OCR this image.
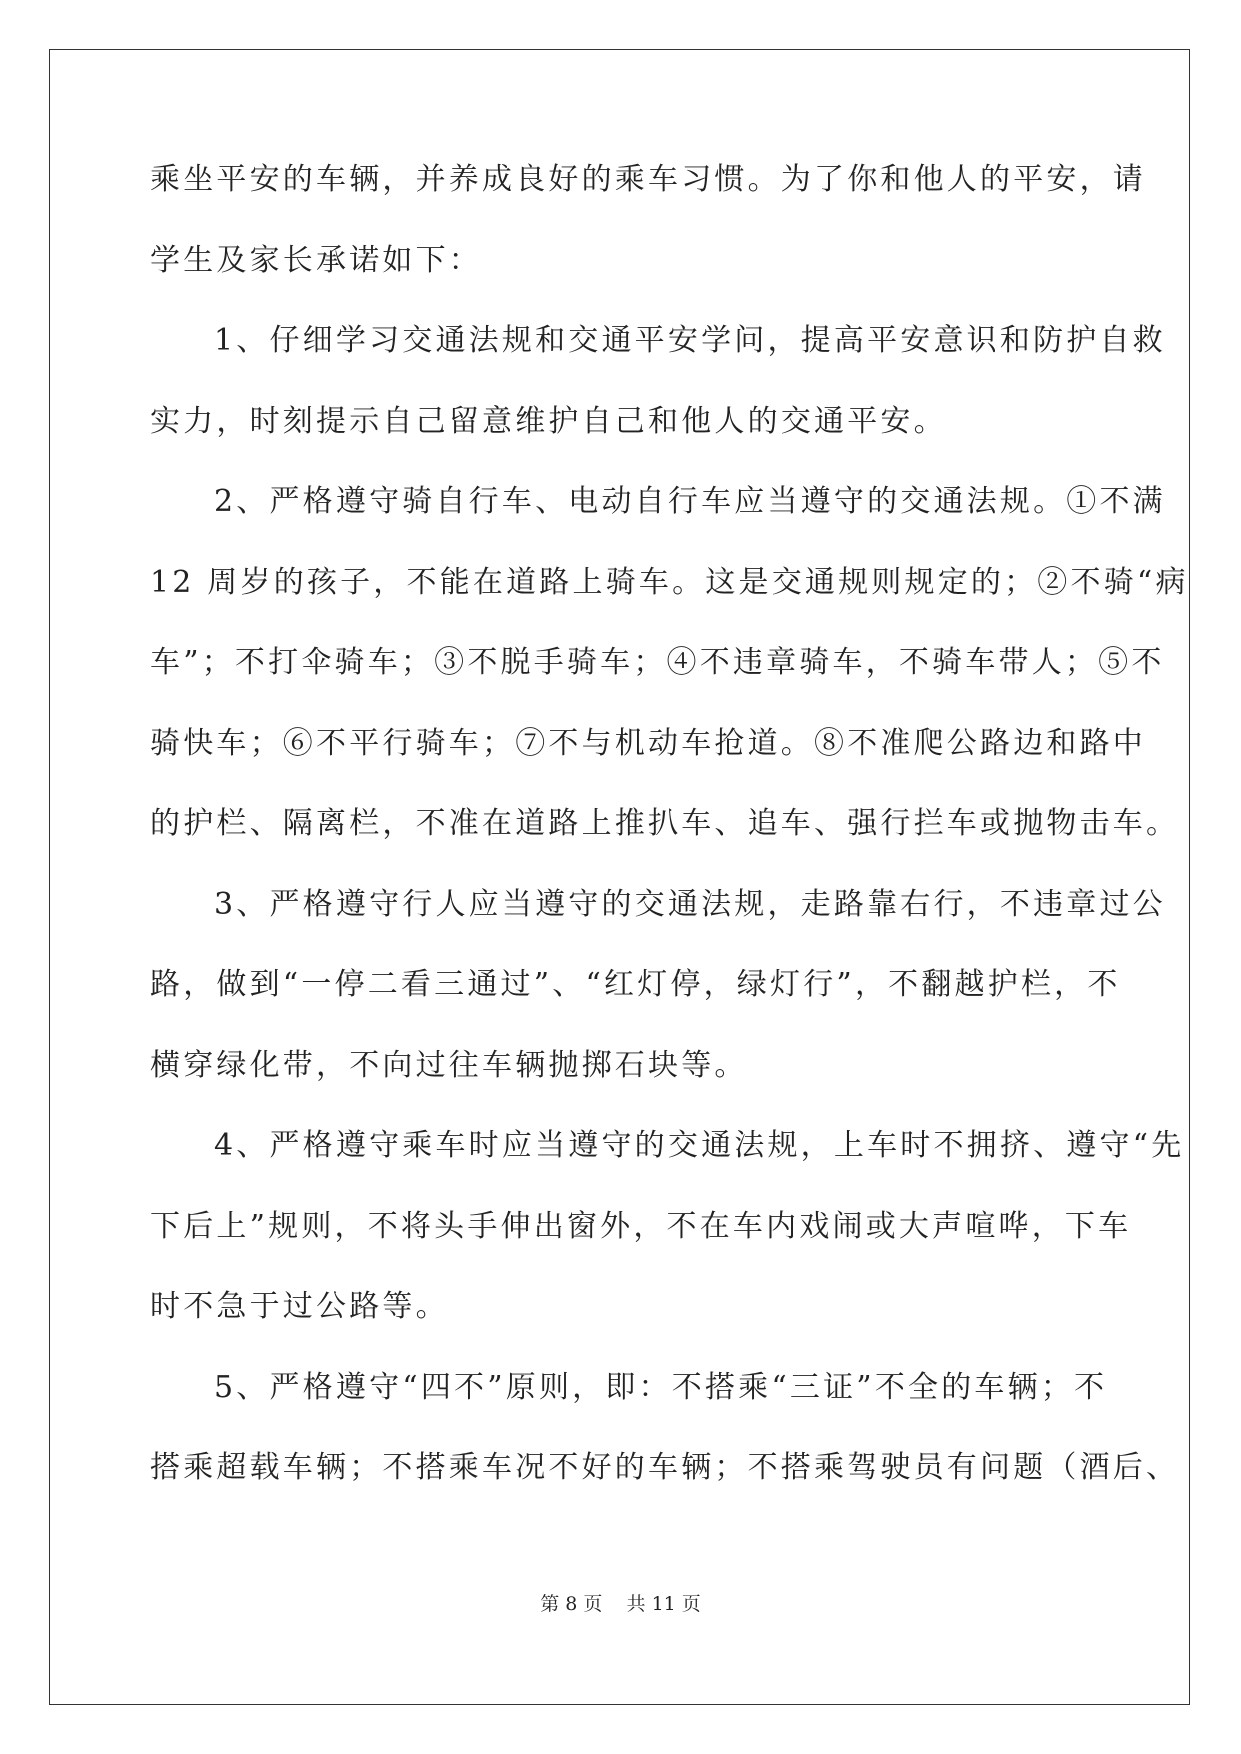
乘坐平安的车辆，并养成良好的乘车习惯。为了你和他人的平安，请
学生及家长承诺如下：
1、仔细学习交通法规和交通平安学问，提高平安意识和防护自救
实力，时刻提示自己留意维护自己和他人的交通平安。
2、严格遵守骑自行车、电动自行车应当遵守的交通法规。①不满
12 周岁的孩子，不能在道路上骑车。这是交通规则规定的；②不骑“病
车”；不打伞骑车；③不脱手骑车；④不违章骑车，不骑车带人；⑤不
骑快车；⑥不平行骑车；⑦不与机动车抢道。⑧不准爬公路边和路中
的护栏、隔离栏，不准在道路上推扒车、追车、强行拦车或抛物击车。
3、严格遵守行人应当遵守的交通法规，走路靠右行，不违章过公
路，做到“一停二看三通过”、“红灯停，绿灯行”，不翻越护栏，不
横穿绿化带，不向过往车辆抛掷石块等。
4、严格遵守乘车时应当遵守的交通法规，上车时不拥挤、遵守“先
下后上”规则，不将头手伸出窗外，不在车内戏闹或大声喧哗，下车
时不急于过公路等。
5、严格遵守“四不”原则，即：不搭乘“三证”不全的车辆；不
搭乘超载车辆；不搭乘车况不好的车辆；不搭乘驾驶员有问题（酒后、
第 8 页 共 11 页
